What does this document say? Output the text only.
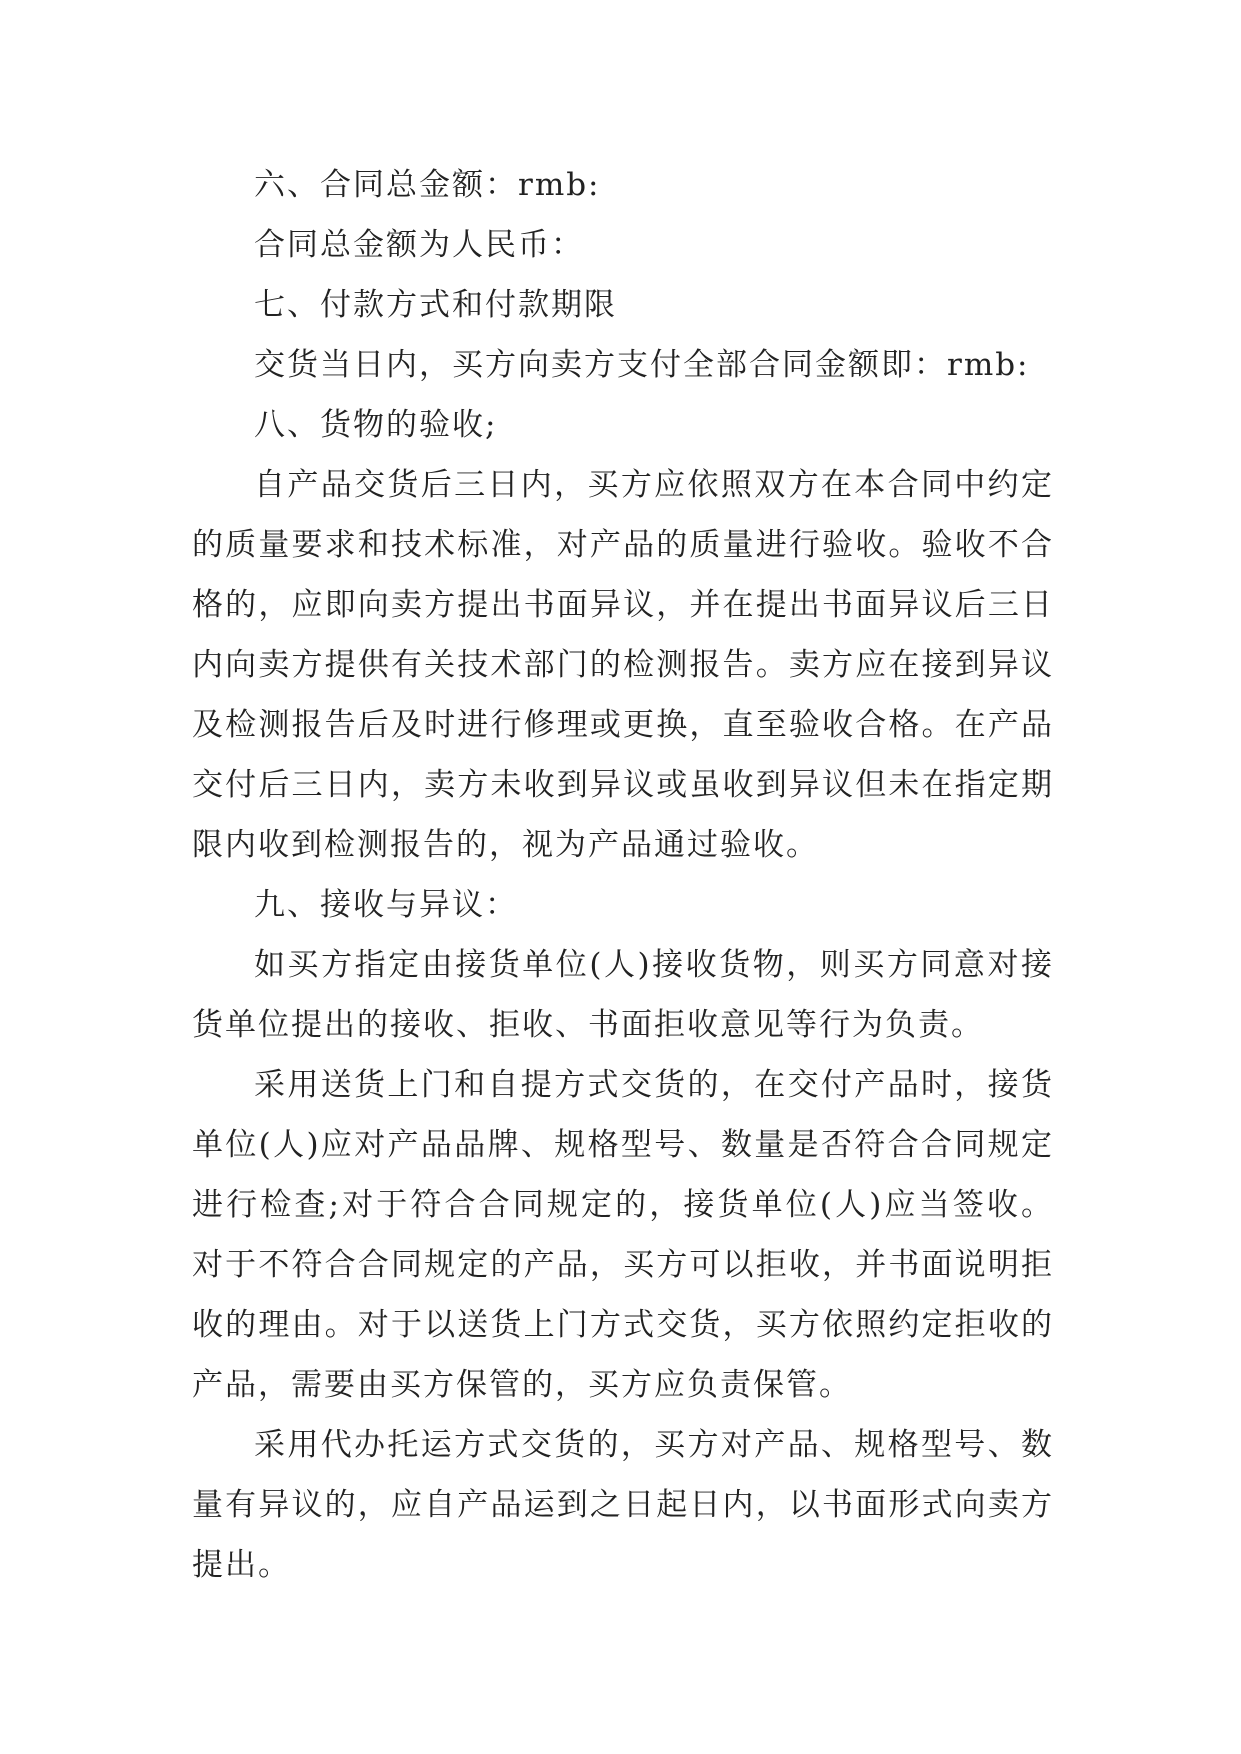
六、合同总金额：rmb:

合同总金额为人民币：

七、付款方式和付款期限

交货当日内，买方向卖方支付全部合同金额即：rmb:

八、货物的验收;

自产品交货后三日内，买方应依照双方在本合同中约定的质量要求和技术标准，对产品的质量进行验收。验收不合格的，应即向卖方提出书面异议，并在提出书面异议后三日内向卖方提供有关技术部门的检测报告。卖方应在接到异议及检测报告后及时进行修理或更换，直至验收合格。在产品交付后三日内，卖方未收到异议或虽收到异议但未在指定期限内收到检测报告的，视为产品通过验收。

九、接收与异议：

如买方指定由接货单位(人)接收货物，则买方同意对接货单位提出的接收、拒收、书面拒收意见等行为负责。

采用送货上门和自提方式交货的，在交付产品时，接货单位(人)应对产品品牌、规格型号、数量是否符合合同规定进行检查;对于符合合同规定的，接货单位(人)应当签收。对于不符合合同规定的产品，买方可以拒收，并书面说明拒收的理由。对于以送货上门方式交货，买方依照约定拒收的产品，需要由买方保管的，买方应负责保管。

采用代办托运方式交货的，买方对产品、规格型号、数量有异议的，应自产品运到之日起日内，以书面形式向卖方提出。
